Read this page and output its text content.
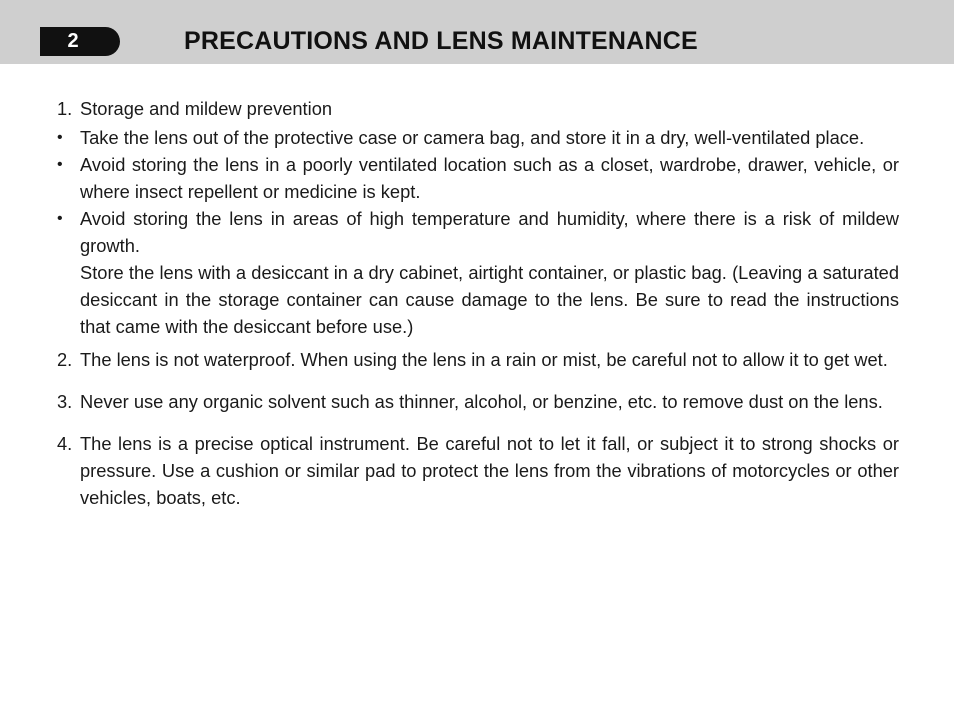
2	PRECAUTIONS AND LENS MAINTENANCE
1. Storage and mildew prevention
• Take the lens out of the protective case or camera bag, and store it in a dry, well-ventilated place.
• Avoid storing the lens in a poorly ventilated location such as a closet, wardrobe, drawer, vehicle, or where insect repellent or medicine is kept.
• Avoid storing the lens in areas of high temperature and humidity, where there is a risk of mildew growth.
Store the lens with a desiccant in a dry cabinet, airtight container, or plastic bag. (Leaving a saturated desiccant in the storage container can cause damage to the lens. Be sure to read the instructions that came with the desiccant before use.)
2. The lens is not waterproof. When using the lens in a rain or mist, be careful not to allow it to get wet.
3. Never use any organic solvent such as thinner, alcohol, or benzine, etc. to remove dust on the lens.
4. The lens is a precise optical instrument. Be careful not to let it fall, or subject it to strong shocks or pressure. Use a cushion or similar pad to protect the lens from the vibrations of motorcycles or other vehicles, boats, etc.
